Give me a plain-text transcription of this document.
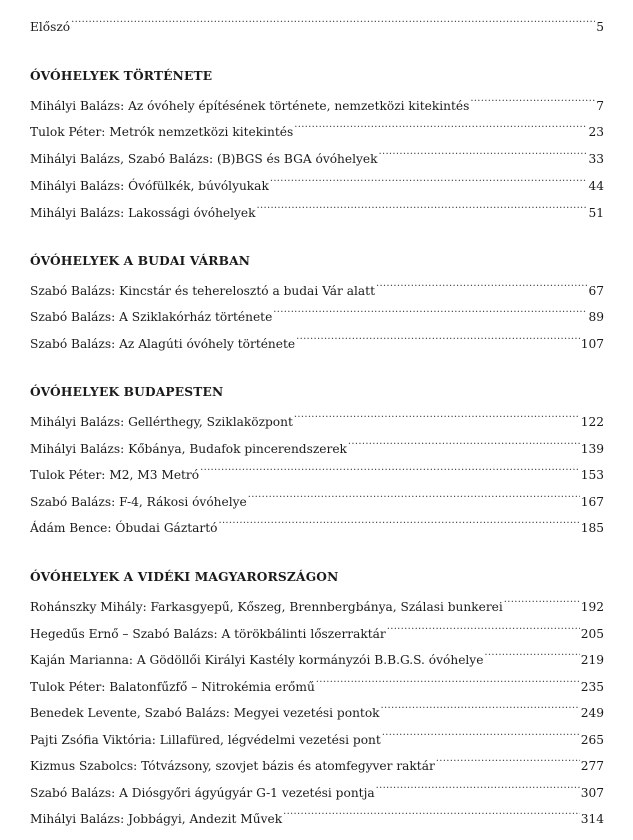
Előszó .....	5
ÓVÓHELYEK TÖRTÉNETE
Mihályi Balázs: Az óvóhely építésének története, nemzetközi kitekintés .....	7
Tulok Péter: Metrók nemzetközi kitekintés .....	23
Mihályi Balázs, Szabó Balázs: (B)BGS és BGA óvóhelyek .....	33
Mihályi Balázs: Óvófülkék, búvólyukak .....	44
Mihályi Balázs: Lakossági óvóhelyek .....	51
ÓVÓHELYEK A BUDAI VÁRBAN
Szabó Balázs: Kincstár és teherelosztó a budai Vár alatt .....	67
Szabó Balázs: A Sziklakórház története .....	89
Szabó Balázs: Az Alagúti óvóhely története .....	107
ÓVÓHELYEK BUDAPESTEN
Mihályi Balázs: Gellérthegy, Sziklaközpont .....	122
Mihályi Balázs: Kőbánya, Budafok pincerendszerek .....	139
Tulok Péter: M2, M3 Metró .....	153
Szabó Balázs: F-4, Rákosi óvóhelye .....	167
Ádám Bence: Óbudai Gáztartó .....	185
ÓVÓHELYEK A VIDÉKI MAGYARORSZÁGON
Rohánszky Mihály: Farkasgyepű, Kőszeg, Brennbergbánya, Szálasi bunkerei .....	192
Hegedűs Ernő – Szabó Balázs: A törökbálinti lőszerraktár .....	205
Kaján Marianna: A Gödöllői Királyi Kastély kormányzói B.B.G.S. óvóhelye .....	219
Tulok Péter: Balatonfűzfő – Nitrokémia erőmű .....	235
Benedek Levente, Szabó Balázs: Megyei vezetési pontok .....	249
Pajti Zsófia Viktória: Lillafüred, légvédelmi vezetési pont .....	265
Kizmus Szabolcs: Tótvázsony, szovjet bázis és atomfegyver raktár .....	277
Szabó Balázs: A Diósgyőri ágyúgyár G-1 vezetési pontja .....	307
Mihályi Balázs: Jobbágyi, Andezit Művek .....	314
